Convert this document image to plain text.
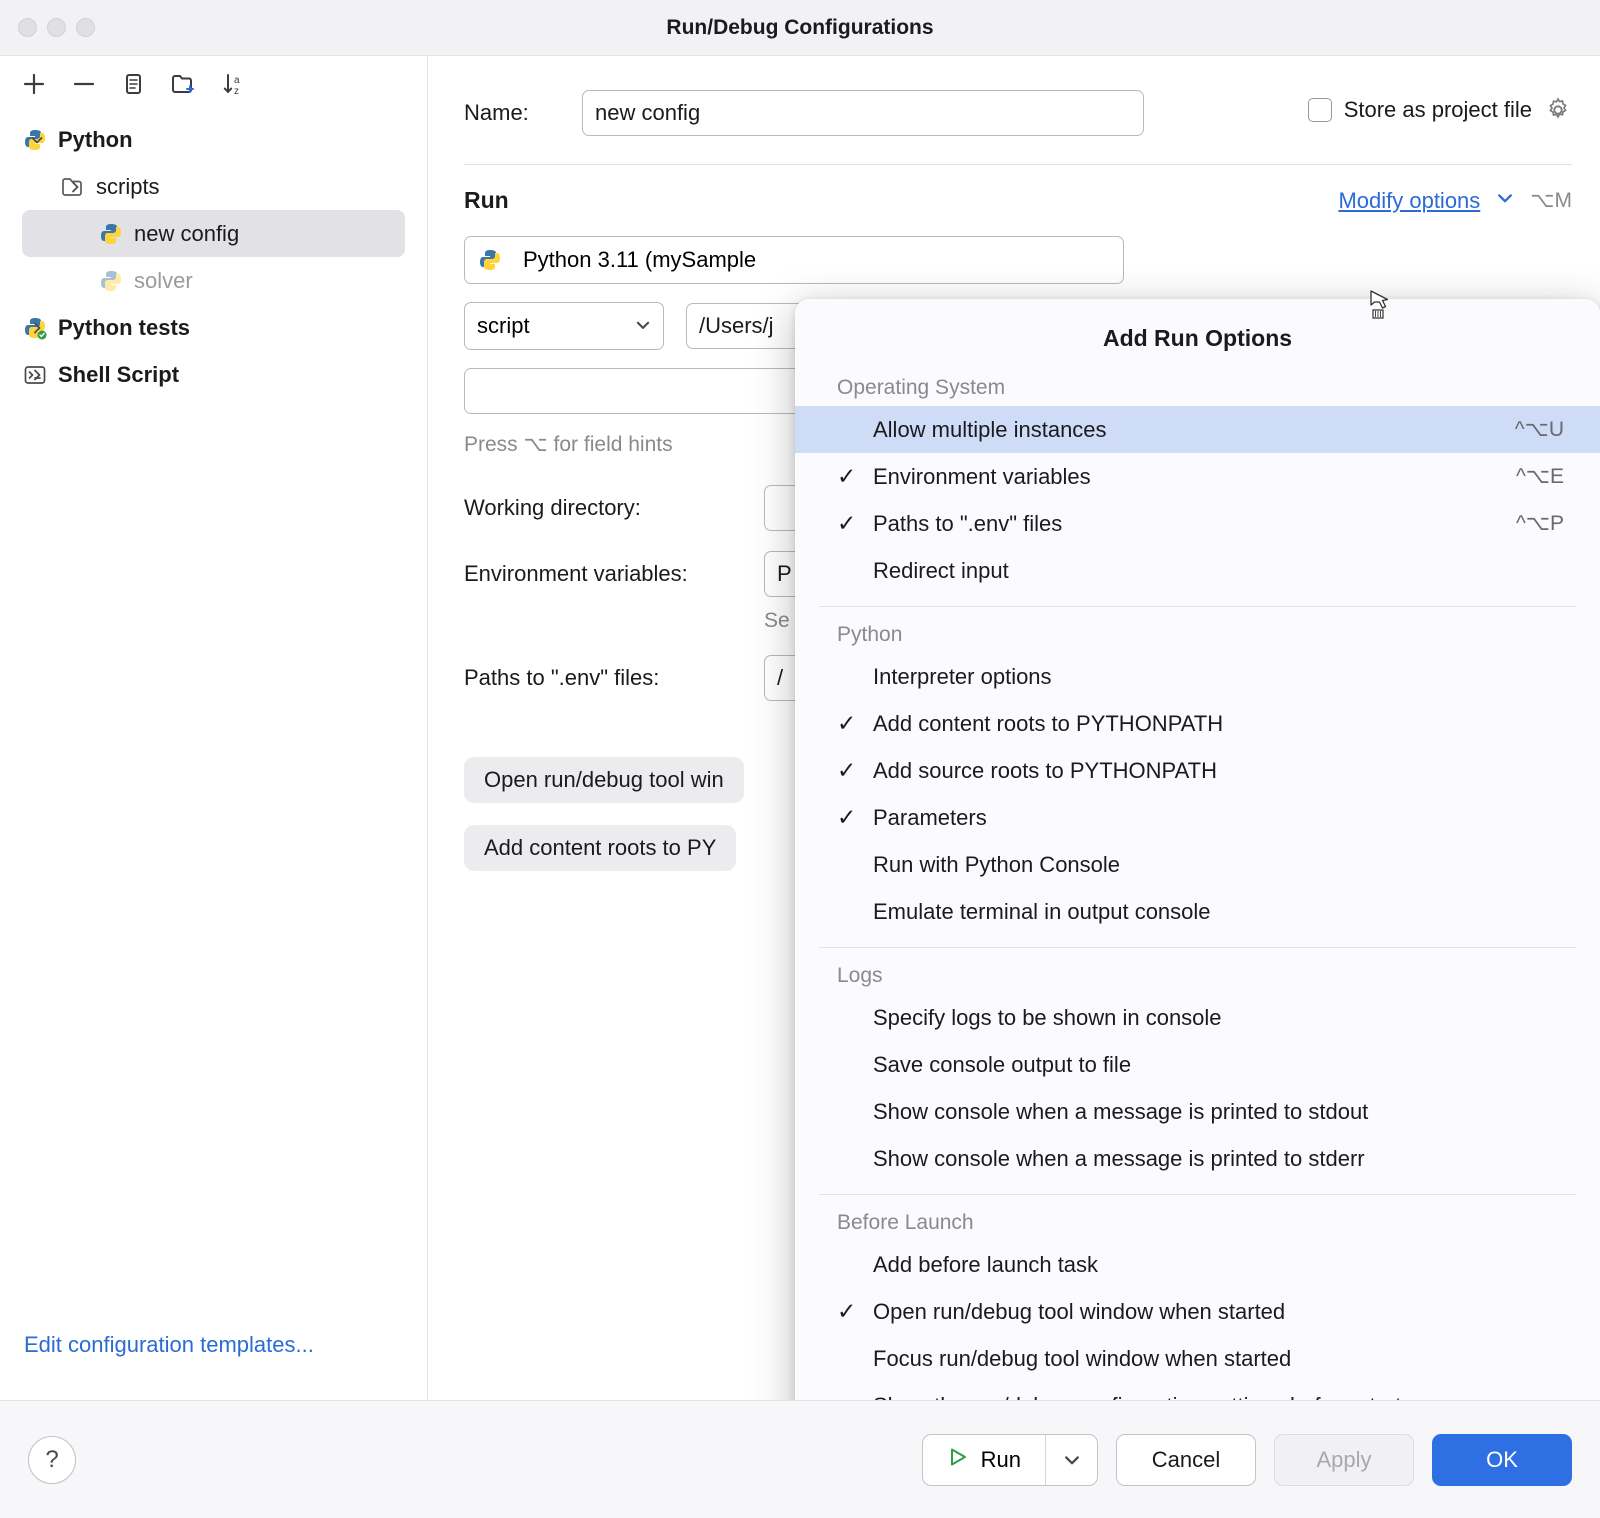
Run/Debug Configurations
a
z
Python
scripts
new config
solver
Python tests
Shell Script
Edit configuration templates...
Name:
new config	Store as project file
Run	Modify options ⌥M
Python 3.11 (mySample
script
/Users/j
Press ⌥ for field hints
Working directory:
Environment variables:
P
Se
Paths to ".env" files:
/
Open run/debug tool win
Add content roots to PY
Add Run Options
Operating System
Allow multiple instances	^⌥U
✓ Environment variables	^⌥E
✓ Paths to ".env" files	^⌥P
Redirect input
Python
Interpreter options
✓ Add content roots to PYTHONPATH
✓ Add source roots to PYTHONPATH
✓ Parameters
Run with Python Console
Emulate terminal in output console
Logs
Specify logs to be shown in console
Save console output to file
Show console when a message is printed to stdout
Show console when a message is printed to stderr
Before Launch
Add before launch task
✓ Open run/debug tool window when started
Focus run/debug tool window when started
?	Run	Cancel	Apply	OK
